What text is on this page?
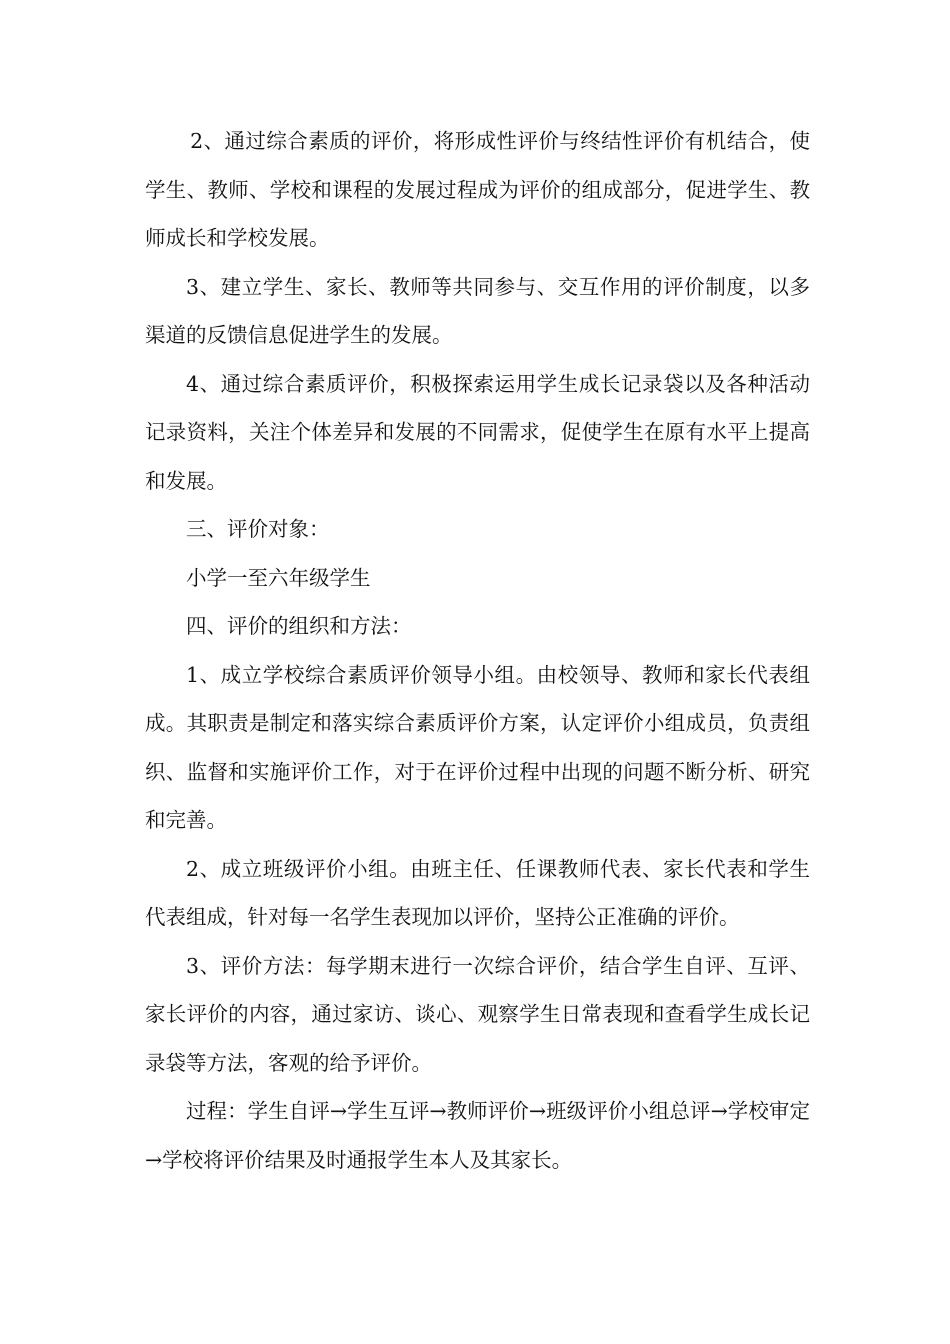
2、通过综合素质的评价，将形成性评价与终结性评价有机结合，使学生、教师、学校和课程的发展过程成为评价的组成部分，促进学生、教师成长和学校发展。

3、建立学生、家长、教师等共同参与、交互作用的评价制度，以多渠道的反馈信息促进学生的发展。

4、通过综合素质评价，积极探索运用学生成长记录袋以及各种活动记录资料，关注个体差异和发展的不同需求，促使学生在原有水平上提高和发展。

三、评价对象：

小学一至六年级学生

四、评价的组织和方法：

1、成立学校综合素质评价领导小组。由校领导、教师和家长代表组成。其职责是制定和落实综合素质评价方案，认定评价小组成员，负责组织、监督和实施评价工作，对于在评价过程中出现的问题不断分析、研究和完善。

2、成立班级评价小组。由班主任、任课教师代表、家长代表和学生代表组成，针对每一名学生表现加以评价，坚持公正准确的评价。

3、评价方法：每学期末进行一次综合评价，结合学生自评、互评、家长评价的内容，通过家访、谈心、观察学生日常表现和查看学生成长记录袋等方法，客观的给予评价。

过程：学生自评→学生互评→教师评价→班级评价小组总评→学校审定→学校将评价结果及时通报学生本人及其家长。
